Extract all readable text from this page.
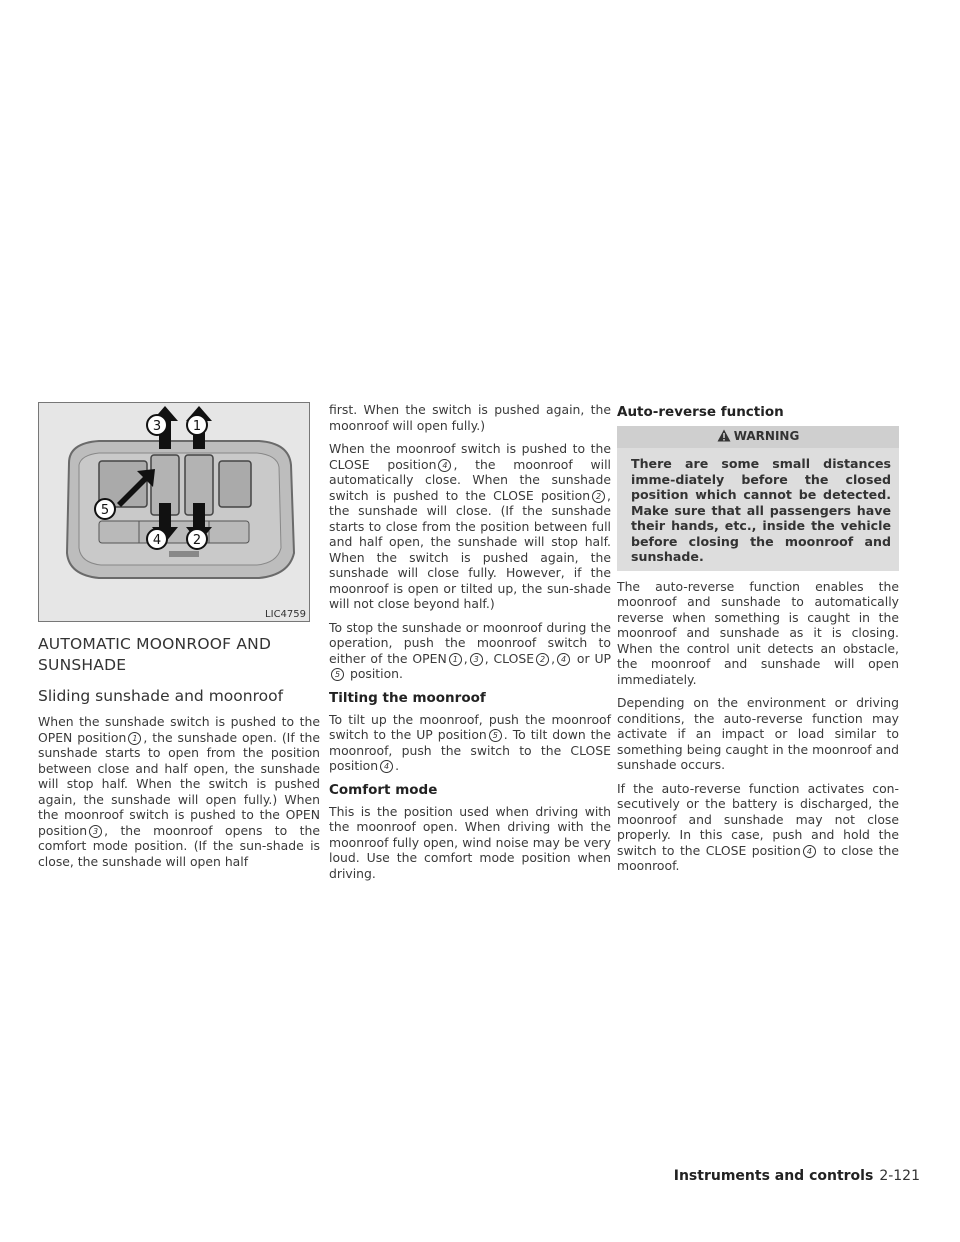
3 1
5
4 2
LIC4759
AUTOMATIC MOONROOF AND SUNSHADE
Sliding sunshade and moonroof

When the sunshade switch is pushed to the OPEN position 1 , the sunshade open. (If the sunshade starts to open from the position between close and half open, the sunshade will stop half. When the switch is pushed again, the sunshade will open fully.) When the moonroof switch is pushed to the OPEN position 3 , the moonroof opens to the comfort mode position. (If the sun-shade is close, the sunshade will open half

first. When the switch is pushed again, the moonroof will open fully.)

When the moonroof switch is pushed to the CLOSE position 4 , the moonroof will automatically close. When the sunshade switch is pushed to the CLOSE position 2 , the sunshade will close. (If the sunshade starts to close from the position between full and half open, the sunshade will stop half. When the switch is pushed again, the sunshade will close fully. However, if the moonroof is open or tilted up, the sun-shade will not close beyond half.)

To stop the sunshade or moonroof during the operation, push the moonroof switch to either of the OPEN 1 , 3 , CLOSE 2 , 4 or UP5 position.

Tilting the moonroof

To tilt up the moonroof, push the moonroof switch to the UP position 5 . To tilt down the moonroof, push the switch to the CLOSE position 4 .

Comfort mode

This is the position used when driving with the moonroof open. When driving with the moonroof fully open, wind noise may be very loud. Use the comfort mode position when driving.

Auto-reverse function
WARNING
There are some small distances imme-diately before the closed position which cannot be detected. Make sure that all passengers have their hands, etc., inside the vehicle before closing the moonroof and sunshade.

The auto-reverse function enables the moonroof and sunshade to automatically reverse when something is caught in the moonroof and sunshade as it is closing. When the control unit detects an obstacle, the moonroof and sunshade will open immediately.

Depending on the environment or driving conditions, the auto-reverse function may activate if an impact or load similar to something being caught in the moonroof and sunshade occurs.

If the auto-reverse function activates con-secutively or the battery is discharged, the moonroof and sunshade may not close properly. In this case, push and hold the switch to the CLOSE position 4 to close the moonroof.

Instruments and controls 2-121
